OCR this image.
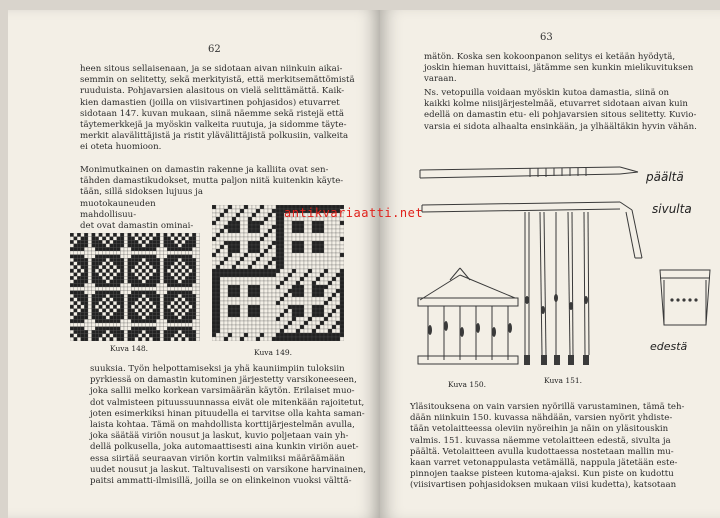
62
heen sitous sellaisenaan, ja se sidotaan aivan niinkuin aikai-
semmin on selitetty, sekä merkityistä, että merkitsemättömistä
ruuduista. Pohjavarsien alasitous on vielä selittämättä. Kaik-
kien damastien (joilla on viisivartinen pohjasidos) etuvarret
sidotaan 147. kuvan mukaan, siinä näemme sekä ristejä että
täytemerkkejä ja myöskin valkeita ruutuja, ja sidomme täyte-
merkit alavälittäjistä ja ristit ylävälittäjistä polkusiin, valkeita
ei oteta huomioon.
Monimutkainen on damastin rakenne ja kalliita ovat sen-
tähden damastikudokset, mutta paljon niitä kuitenkin käyte-
tään, sillä sidoksen lujuus ja
muotokauneuden mahdollisuu-
det ovat damastin ominai-
Kuva 148.	Kuva 149.
suuksia. Työn helpottamiseksi ja yhä kauniimpiin tuloksiin
pyrkiessä on damastin kutominen järjestetty varsikoneeseen,
joka sallii melko korkean varsimäärän käytön. Erilaiset muo-
dot valmisteen pituussuunnassa eivät ole mitenkään rajoitetut,
joten esimerkiksi hinan pituudella ei tarvitse olla kahta saman-
laista kohtaa. Tämä on mahdollista korttijärjestelmän avulla,
joka säätää viriön nousut ja laskut, kuvio poljetaan vain yh-
dellä polkusella, joka automaattisesti aina kunkin viriön auet-
essa siirtää seuraavan viriön kortin valmiiksi määräämään
uudet nousut ja laskut. Taltuvalisesti on varsikone harvinainen,
paitsi ammatti-ilmisillä, joilla se on elinkeinon vuoksi välttä-
63
mätön. Koska sen kokoonpanon selitys ei ketään hyödytä,
joskin hieman huvittaisi, jätämme sen kunkin mielikuvituksen
varaan.
Ns. vetopuilla voidaan myöskin kutoa damastia, siinä on
kaikki kolme niisijärjestelmää, etuvarret sidotaan aivan kuin
edellä on damastin etu- eli pohjavarsien sitous selitetty. Kuvio-
varsia ei sidota alhaalta ensinkään, ja ylhäältäkin hyvin vähän.
päältä
sivulta
edestä
Kuva 150.	Kuva 151.
Yläsitouksena on vain varsien nyörillä varustaminen, tämä teh-
dään niinkuin 150. kuvassa nähdään, varsien nyörit yhdiste-
tään vetolaitteessa oleviin nyöreihin ja näin on yläsitouskin
valmis. 151. kuvassa näemme vetolaitteen edestä, sivulta ja
päältä. Vetolaitteen avulla kudottaessa nostetaan mallin mu-
kaan varret vetonappulasta vetämällä, nappula jätetään este-
pinnojen taakse pisteen kutoma-ajaksi. Kun piste on kudottu
(viisivartisen pohjasidoksen mukaan viisi kudetta), katsotaan
antikvariaatti.net
